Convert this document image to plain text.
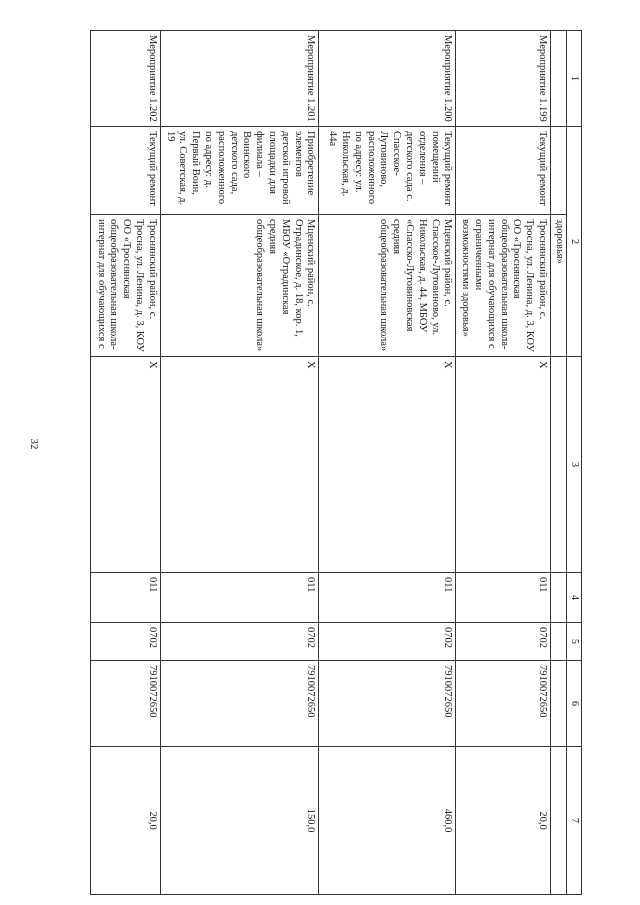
32
1	2		3	4	5	6	7
		здоровья»					
Мероприятие 1.199	Текущий ремонт	Троснянский район, с. Тросна, ул. Ленина, д. 3, КОУ ОО «Троснянская общеобразовательная школа-интернат для обучающихся с ограниченными возможностями здоровья»	Х	011	0702	7910072650	20,0
Мероприятие 1.200	Текущий ремонт помещений отделения – детского сада с. Спасское-Лутовиново, расположенного по адресу: ул. Никольская, д. 44а	Мценский район, с. Спасское-Лутовиново, ул. Никольская, д. 44, МБОУ «Спасско-Лутовиновская средняя общеобразовательная школа»	Х	011	0702	7910072650	460,0
Мероприятие 1.201	Приобретение элементов детской игровой площадки для филиала – Воинского детского сада, расположенного по адресу: д. Первый Воин, ул. Советская, д. 19	Мценский район, с. Отрадинское, д. 18, кор. 1, МБОУ «Отрадинская средняя общеобразовательная школа»	Х	011	0702	7910072650	150,0
Мероприятие 1.202	Текущий ремонт	Троснянский район, с. Тросна, ул. Ленина, д. 3, КОУ ОО «Троснянская общеобразовательная школа-интернат для обучающихся с	Х	011	0702	7910072650	20,0
